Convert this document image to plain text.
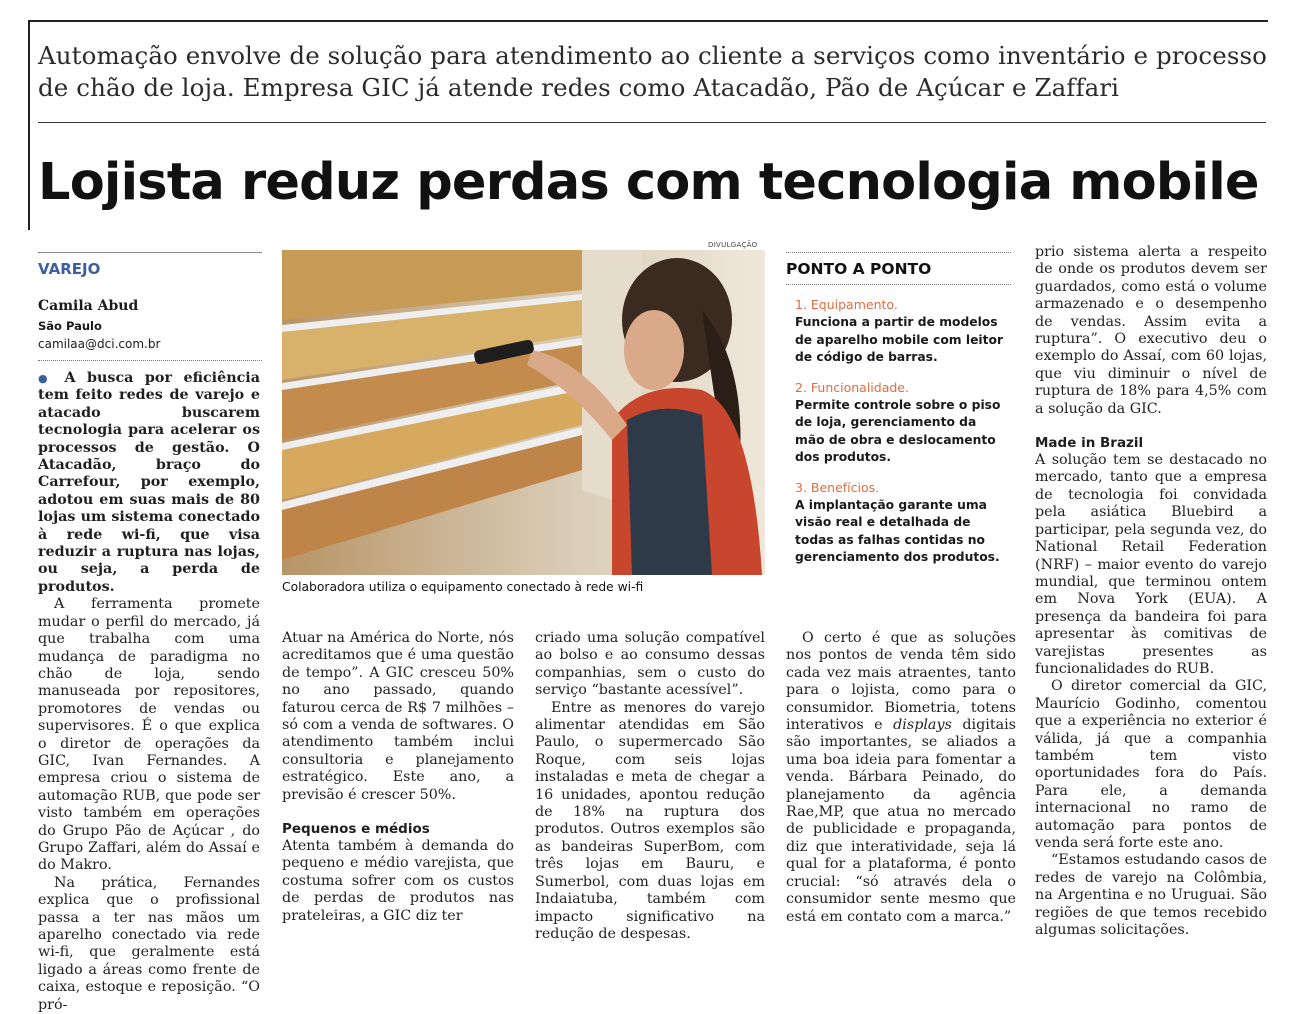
Automação envolve de solução para atendimento ao cliente a serviços como inventário e processo de chão de loja. Empresa GIC já atende redes como Atacadão, Pão de Açúcar e Zaffari
Lojista reduz perdas com tecnologia mobile
VAREJO
Camila Abud
São Paulo
camilaa@dci.com.br

● A busca por eficiência tem feito redes de varejo e atacado buscarem tecnologia para acelerar os processos de gestão. O Atacadão, braço do Carrefour, por exemplo, adotou em suas mais de 80 lojas um sistema conectado à rede wi-fi, que visa reduzir a ruptura nas lojas, ou seja, a perda de produtos.

A ferramenta promete mudar o perfil do mercado, já que trabalha com uma mudança de paradigma no chão de loja, sendo manuseada por repositores, promotores de vendas ou supervisores. É o que explica o diretor de operações da GIC, Ivan Fernandes. A empresa criou o sistema de automação RUB, que pode ser visto também em operações do Grupo Pão de Açúcar , do Grupo Zaffari, além do Assaí e do Makro.

Na prática, Fernandes explica que o profissional passa a ter nas mãos um aparelho conectado via rede wi-fi, que geralmente está ligado a áreas como frente de caixa, estoque e reposição. “O pró-

DIVULGAÇÃO
Colaboradora utiliza o equipamento conectado à rede wi-fi
PONTO A PONTO
1. Equipamento.
Funciona a partir de modelos de aparelho mobile com leitor de código de barras.
2. Funcionalidade.
Permite controle sobre o piso de loja, gerenciamento da mão de obra e deslocamento dos produtos.
3. Benefícios.
A implantação garante uma visão real e detalhada de todas as falhas contidas no gerenciamento dos produtos.

Atuar na América do Norte, nós acreditamos que é uma questão de tempo”. A GIC cresceu 50% no ano passado, quando faturou cerca de R$ 7 milhões – só com a venda de softwares. O atendimento também inclui consultoria e planejamento estratégico. Este ano, a previsão é crescer 50%.

Pequenos e médios

Atenta também à demanda do pequeno e médio varejista, que costuma sofrer com os custos de perdas de produtos nas prateleiras, a GIC diz ter

criado uma solução compatível ao bolso e ao consumo dessas companhias, sem o custo do serviço “bastante acessível”.

Entre as menores do varejo alimentar atendidas em São Paulo, o supermercado São Roque, com seis lojas instaladas e meta de chegar a 16 unidades, apontou redução de 18% na ruptura dos produtos. Outros exemplos são as bandeiras SuperBom, com três lojas em Bauru, e Sumerbol, com duas lojas em Indaiatuba, também com impacto significativo na redução de despesas.

O certo é que as soluções nos pontos de venda têm sido cada vez mais atraentes, tanto para o lojista, como para o consumidor. Biometria, totens interativos e displays digitais são importantes, se aliados a uma boa ideia para fomentar a venda. Bárbara Peinado, do planejamento da agência Rae,MP, que atua no mercado de publicidade e propaganda, diz que interatividade, seja lá qual for a plataforma, é ponto crucial: “só através dela o consumidor sente mesmo que está em contato com a marca.”

prio sistema alerta a respeito de onde os produtos devem ser guardados, como está o volume armazenado e o desempenho de vendas. Assim evita a ruptura”. O executivo deu o exemplo do Assaí, com 60 lojas, que viu diminuir o nível de ruptura de 18% para 4,5% com a solução da GIC.

Made in Brazil

A solução tem se destacado no mercado, tanto que a empresa de tecnologia foi convidada pela asiática Bluebird a participar, pela segunda vez, do National Retail Federation (NRF) – maior evento do varejo mundial, que terminou ontem em Nova York (EUA). A presença da bandeira foi para apresentar às comitivas de varejistas presentes as funcionalidades do RUB.

O diretor comercial da GIC, Maurício Godinho, comentou que a experiência no exterior é válida, já que a companhia também tem visto oportunidades fora do País. Para ele, a demanda internacional no ramo de automação para pontos de venda será forte este ano.

“Estamos estudando casos de redes de varejo na Colômbia, na Argentina e no Uruguai. São regiões de que temos recebido algumas solicitações.
